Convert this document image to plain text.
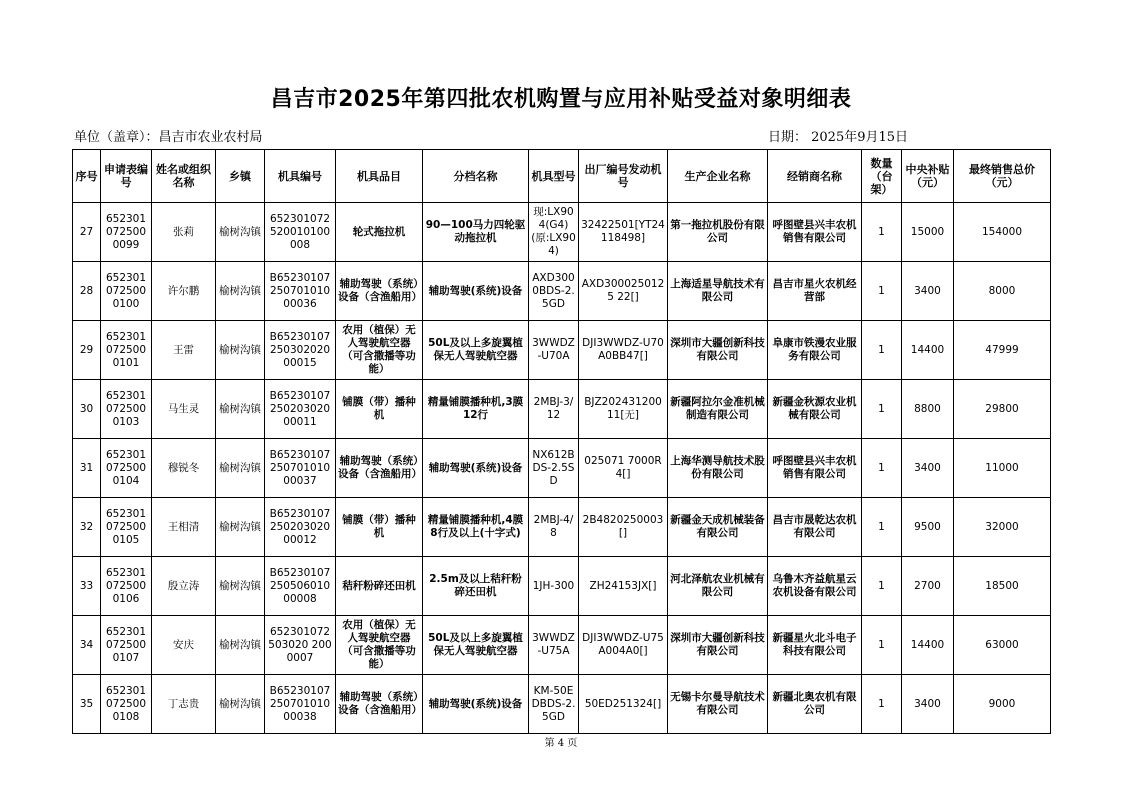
昌吉市2025年第四批农机购置与应用补贴受益对象明细表
单位（盖章）：昌吉市农业农村局	日期： 2025年9月15日
序号	申请表编号	姓名或组织名称	乡镇	机具编号	机具品目	分档名称	机具型号	出厂编号发动机号	生产企业名称	经销商名称	数量（台架）	中央补贴（元）	最终销售总价（元）
27	6523010725000099	张莉	榆树沟镇	652301072520010100008	轮式拖拉机	90—100马力四轮驱动拖拉机	现:LX904(G4)(原:LX904)	32422501[YT24118498]	第一拖拉机股份有限公司	呼图壁县兴丰农机销售有限公司	1	15000	154000
28	6523010725000100	许尔鹏	榆树沟镇	B6523010725070101000036	辅助驾驶（系统）设备（含渔船用）	辅助驾驶(系统)设备	AXD3000BDS-2.5GD	AXD3000250125 22[]	上海适星导航技术有限公司	昌吉市星火农机经营部	1	3400	8000
29	6523010725000101	王雷	榆树沟镇	B6523010725030202000015	农用（植保）无人驾驶航空器（可含撒播等功能）	50L及以上多旋翼植保无人驾驶航空器	3WWDZ-U70A	DJI3WWDZ-U70A0BB47[]	深圳市大疆创新科技有限公司	阜康市铁漫农业服务有限公司	1	14400	47999
30	6523010725000103	马生灵	榆树沟镇	B6523010725020302000011	铺膜（带）播种机	精量铺膜播种机,3膜12行	2MBJ-3/12	BJZ20243120011[无]	新疆阿拉尔金准机械制造有限公司	新疆金秋源农业机械有限公司	1	8800	29800
31	6523010725000104	穆锐冬	榆树沟镇	B6523010725070101000037	辅助驾驶（系统）设备（含渔船用）	辅助驾驶(系统)设备	NX612BDS-2.5SD	025071 7000R4[]	上海华测导航技术股份有限公司	呼图壁县兴丰农机销售有限公司	1	3400	11000
32	6523010725000105	王相清	榆树沟镇	B6523010725020302000012	铺膜（带）播种机	精量铺膜播种机,4膜8行及以上(十字式)	2MBJ-4/8	2B4820250003[]	新疆金天成机械装备有限公司	昌吉市晟乾达农机有限公司	1	9500	32000
33	6523010725000106	殷立涛	榆树沟镇	B6523010725050601000008	秸秆粉碎还田机	2.5m及以上秸秆粉碎还田机	1JH-300	ZH24153JX[]	河北泽航农业机械有限公司	乌鲁木齐益航星云农机设备有限公司	1	2700	18500
34	6523010725000107	安庆	榆树沟镇	652301072503020 2000007	农用（植保）无人驾驶航空器（可含撒播等功能）	50L及以上多旋翼植保无人驾驶航空器	3WWDZ-U75A	DJI3WWDZ-U75A004A0[]	深圳市大疆创新科技有限公司	新疆星火北斗电子科技有限公司	1	14400	63000
35	6523010725000108	丁志贵	榆树沟镇	B6523010725070101000038	辅助驾驶（系统）设备（含渔船用）	辅助驾驶(系统)设备	KM-50EDBDS-2.5GD	50ED251324[]	无锡卡尔曼导航技术有限公司	新疆北奥农机有限公司	1	3400	9000
第 4 页
